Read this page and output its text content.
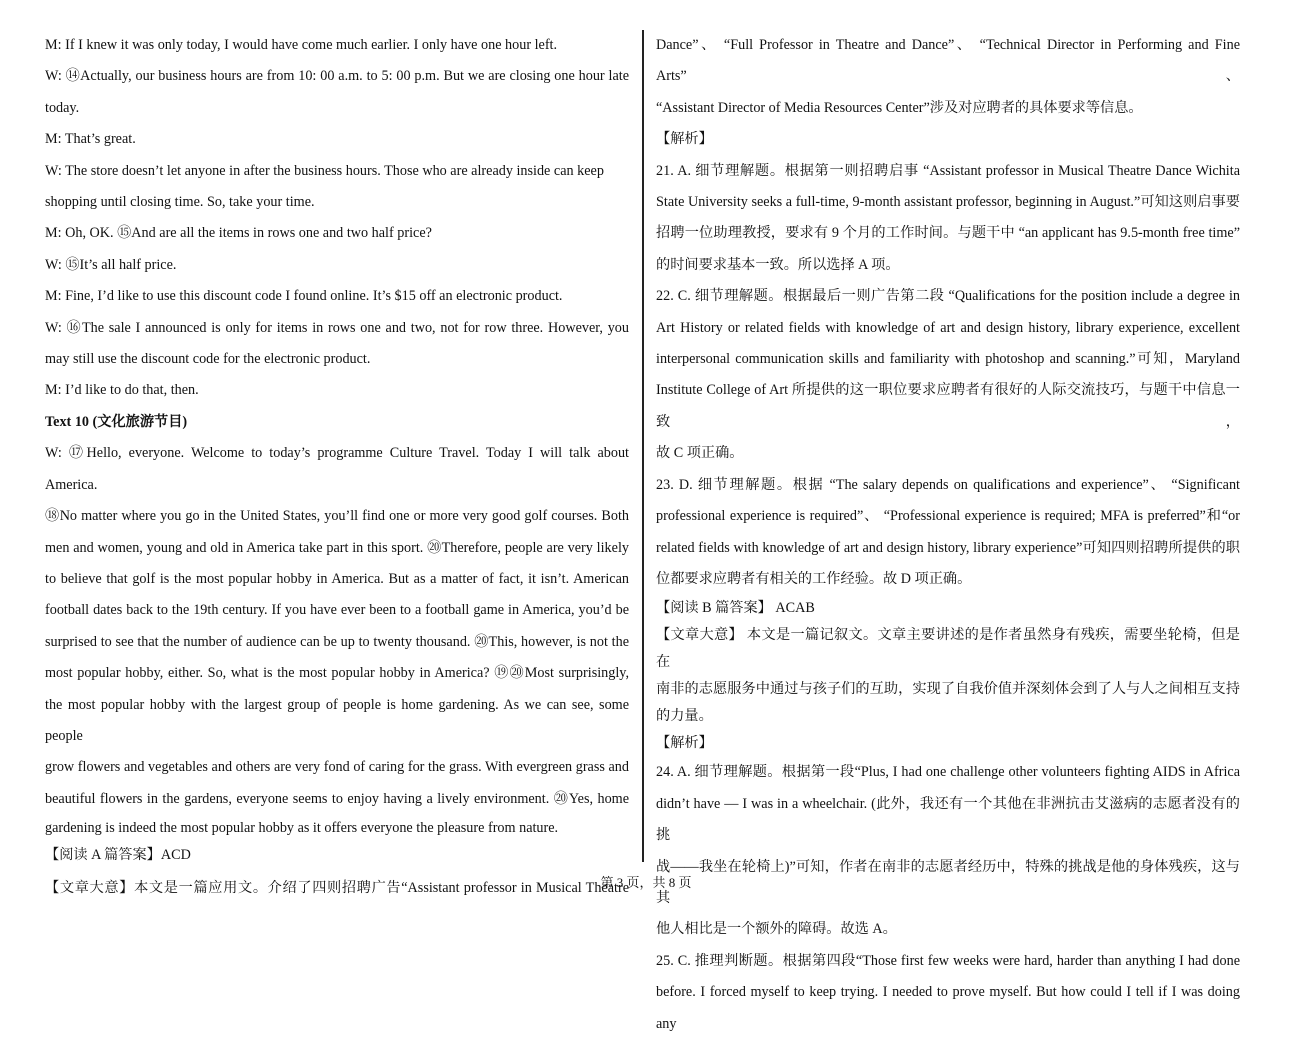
M: If I knew it was only today, I would have come much earlier. I only have one hour left.

W: ⑭Actually, our business hours are from 10: 00 a.m. to 5: 00 p.m. But we are closing one hour late

today.

M: That’s great.

W: The store doesn’t let anyone in after the business hours. Those who are already inside can keep

shopping until closing time. So, take your time.

M: Oh, OK. ⑮And are all the items in rows one and two half price?

W: ⑮It’s all half price.

M: Fine, I’d like to use this discount code I found online. It’s $15 off an electronic product.

W: ⑯The sale I announced is only for items in rows one and two, not for row three. However, you

may still use the discount code for the electronic product.

M: I’d like to do that, then.

Text 10 (文化旅游节目)

W: ⑰Hello, everyone. Welcome to today’s programme Culture Travel. Today I will talk about America.

⑱No matter where you go in the United States, you’ll find one or more very good golf courses. Both

men and women, young and old in America take part in this sport. ⑳Therefore, people are very likely

to believe that golf is the most popular hobby in America. But as a matter of fact, it isn’t. American

football dates back to the 19th century. If you have ever been to a football game in America, you’d be

surprised to see that the number of audience can be up to twenty thousand. ⑳This, however, is not the

most popular hobby, either. So, what is the most popular hobby in America? ⑲⑳Most surprisingly,

the most popular hobby with the largest group of people is home gardening. As we can see, some people

grow flowers and vegetables and others are very fond of caring for the grass. With evergreen grass and

beautiful flowers in the gardens, everyone seems to enjoy having a lively environment. ⑳Yes, home

gardening is indeed the most popular hobby as it offers everyone the pleasure from nature.

【阅读 A 篇答案】ACD

【文章大意】本文是一篇应用文。介绍了四则招聘广告“Assistant professor in Musical Theatre

Dance”、 “Full Professor in Theatre and Dance”、 “Technical Director in Performing and Fine Arts”、

“Assistant Director of Media Resources Center”涉及对应聘者的具体要求等信息。

【解析】

21. A. 细节理解题。根据第一则招聘启事 “Assistant professor in Musical Theatre Dance Wichita

State University seeks a full-time, 9-month assistant professor, beginning in August.”可知这则启事要

招聘一位助理教授，要求有 9 个月的工作时间。与题干中 “an applicant has 9.5-month free time”

的时间要求基本一致。所以选择 A 项。

22. C. 细节理解题。根据最后一则广告第二段 “Qualifications for the position include a degree in

Art History or related fields with knowledge of art and design history, library experience, excellent

interpersonal communication skills and familiarity with photoshop and scanning.”可知，Maryland

Institute College of Art 所提供的这一职位要求应聘者有很好的人际交流技巧，与题干中信息一致，

故 C 项正确。

23. D. 细节理解题。根据 “The salary depends on qualifications and experience”、 “Significant

professional experience is required”、 “Professional experience is required; MFA is preferred”和“or

related fields with knowledge of art and design history, library experience”可知四则招聘所提供的职

位都要求应聘者有相关的工作经验。故 D 项正确。

【阅读 B 篇答案】 ACAB

【文章大意】 本文是一篇记叙文。文章主要讲述的是作者虽然身有残疾，需要坐轮椅，但是在

南非的志愿服务中通过与孩子们的互助，实现了自我价值并深刻体会到了人与人之间相互支持

的力量。

【解析】

24. A. 细节理解题。根据第一段“Plus, I had one challenge other volunteers fighting AIDS in Africa

didn’t have — I was in a wheelchair. (此外，我还有一个其他在非洲抗击艾滋病的志愿者没有的挑

战——我坐在轮椅上)”可知，作者在南非的志愿者经历中，特殊的挑战是他的身体残疾，这与其

他人相比是一个额外的障碍。故选 A。

25. C. 推理判断题。根据第四段“Those first few weeks were hard, harder than anything I had done

before. I forced myself to keep trying. I needed to prove myself. But how could I tell if I was doing any

第 3 页，共 8 页
